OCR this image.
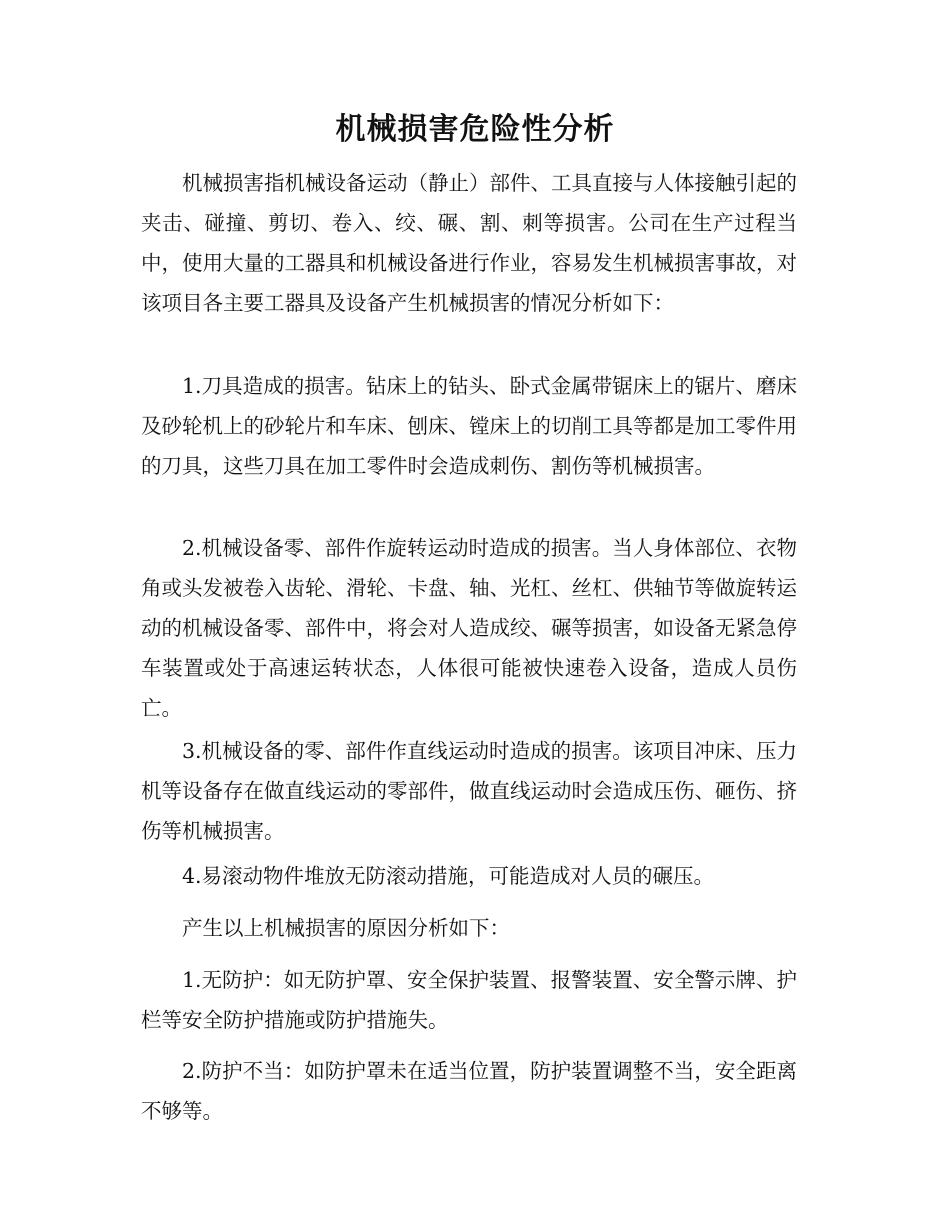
机械损害危险性分析

机械损害指机械设备运动（静止）部件、工具直接与人体接触引起的夹击、碰撞、剪切、卷入、绞、碾、割、刺等损害。公司在生产过程当中，使用大量的工器具和机械设备进行作业，容易发生机械损害事故，对该项目各主要工器具及设备产生机械损害的情况分析如下：

1.刀具造成的损害。钻床上的钻头、卧式金属带锯床上的锯片、磨床及砂轮机上的砂轮片和车床、刨床、镗床上的切削工具等都是加工零件用的刀具，这些刀具在加工零件时会造成刺伤、割伤等机械损害。

2.机械设备零、部件作旋转运动时造成的损害。当人身体部位、衣物角或头发被卷入齿轮、滑轮、卡盘、轴、光杠、丝杠、供轴节等做旋转运动的机械设备零、部件中，将会对人造成绞、碾等损害，如设备无紧急停车装置或处于高速运转状态，人体很可能被快速卷入设备，造成人员伤亡。

3.机械设备的零、部件作直线运动时造成的损害。该项目冲床、压力机等设备存在做直线运动的零部件，做直线运动时会造成压伤、砸伤、挤伤等机械损害。

4.易滚动物件堆放无防滚动措施，可能造成对人员的碾压。

产生以上机械损害的原因分析如下：

1.无防护：如无防护罩、安全保护装置、报警装置、安全警示牌、护栏等安全防护措施或防护措施失。

2.防护不当：如防护罩未在适当位置，防护装置调整不当，安全距离不够等。
